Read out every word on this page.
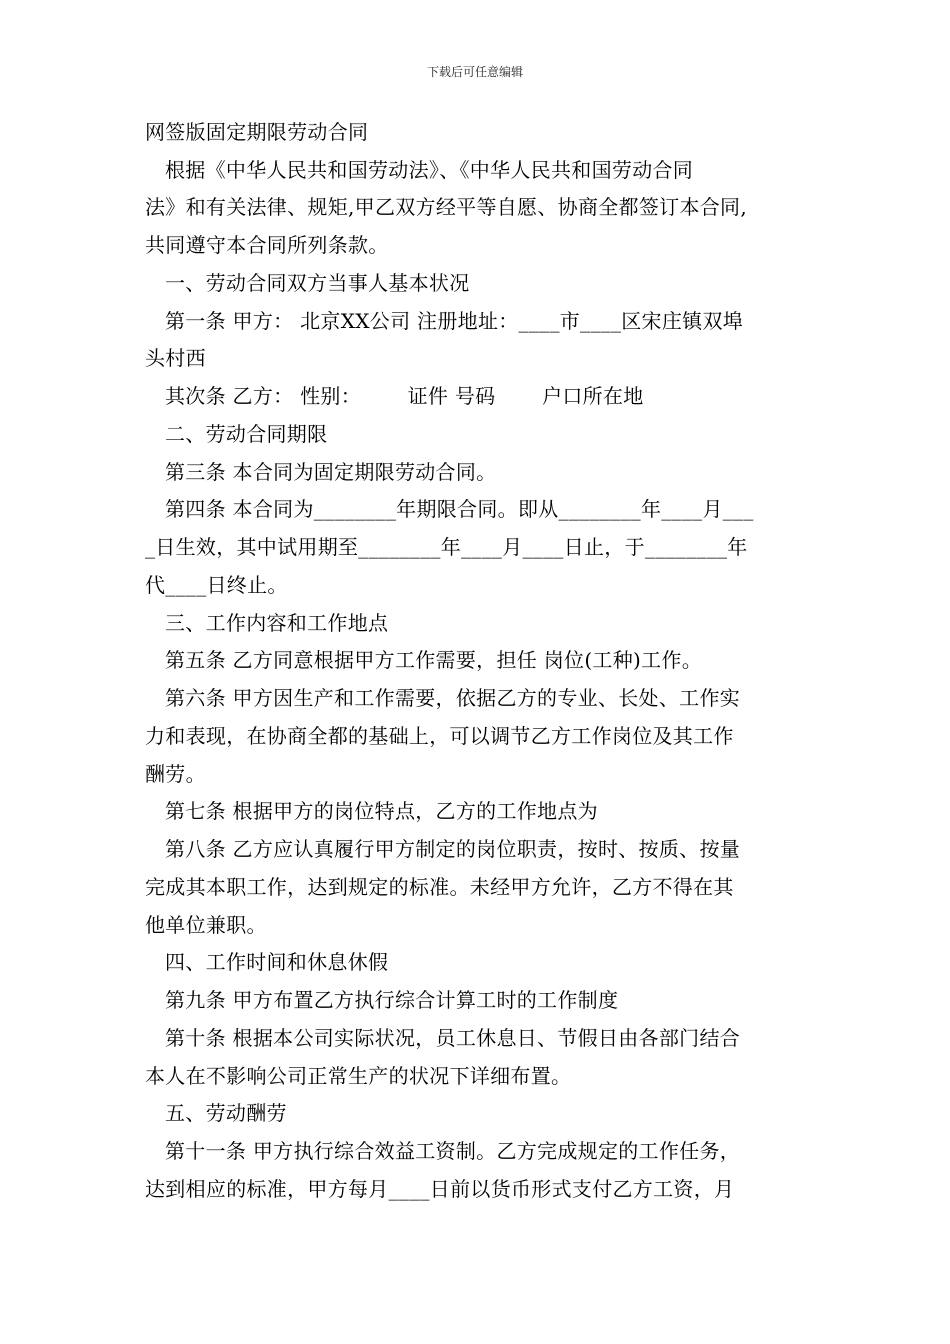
下载后可任意编辑
网签版固定期限劳动合同
根据《中华人民共和国劳动法》、《中华人民共和国劳动合同
法》和有关法律、规矩,甲乙双方经平等自愿、协商全都签订本合同,
共同遵守本合同所列条款。
一、劳动合同双方当事人基本状况
第一条 甲方： 北京XX公司 注册地址：____市____区宋庄镇双埠
头村西
其次条 乙方： 性别：       证件 号码       户口所在地
二、劳动合同期限
第三条 本合同为固定期限劳动合同。
第四条 本合同为________年期限合同。即从________年____月___
_日生效，其中试用期至________年____月____日止，于________年
代____日终止。
三、工作内容和工作地点
第五条 乙方同意根据甲方工作需要，担任 岗位(工种)工作。
第六条 甲方因生产和工作需要，依据乙方的专业、长处、工作实
力和表现，在协商全都的基础上，可以调节乙方工作岗位及其工作
酬劳。
第七条 根据甲方的岗位特点，乙方的工作地点为
第八条 乙方应认真履行甲方制定的岗位职责，按时、按质、按量
完成其本职工作，达到规定的标准。未经甲方允许，乙方不得在其
他单位兼职。
四、工作时间和休息休假
第九条 甲方布置乙方执行综合计算工时的工作制度
第十条 根据本公司实际状况，员工休息日、节假日由各部门结合
本人在不影响公司正常生产的状况下详细布置。
五、劳动酬劳
第十一条 甲方执行综合效益工资制。乙方完成规定的工作任务，
达到相应的标准，甲方每月____日前以货币形式支付乙方工资，月
